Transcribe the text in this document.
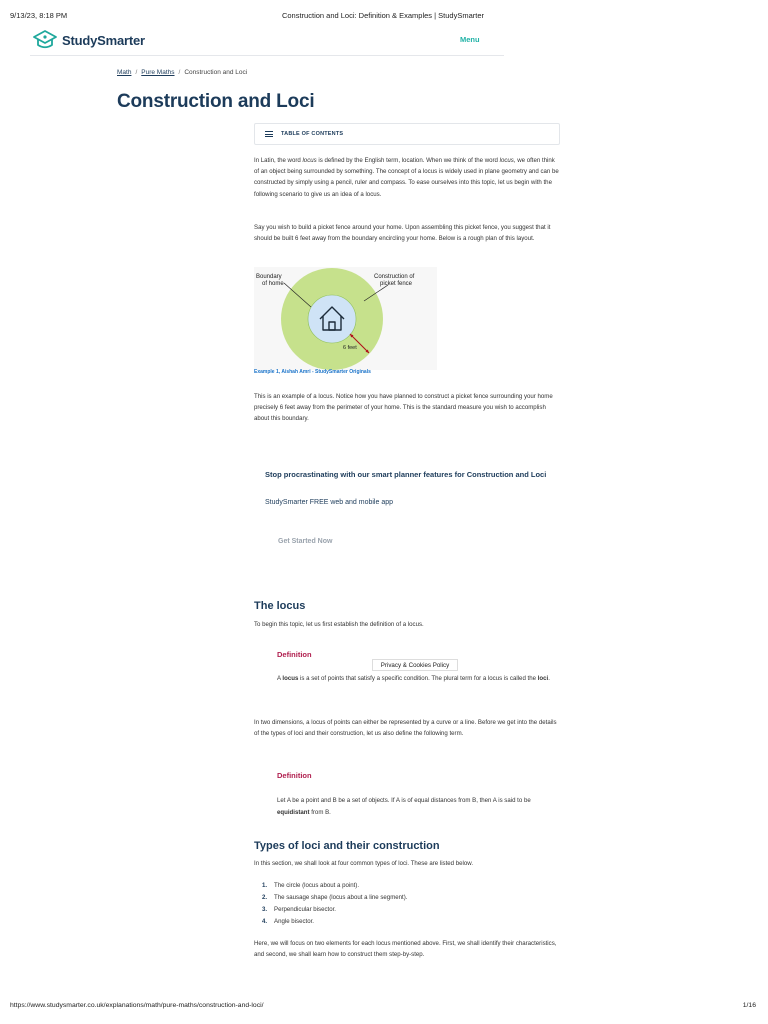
9/13/23, 8:18 PM	Construction and Loci: Definition & Examples | StudySmarter
StudySmarter	Menu
Math / Pure Maths / Construction and Loci
Construction and Loci
TABLE OF CONTENTS

In Latin, the word locus is defined by the English term, location. When we think of the word locus, we often think of an object being surrounded by something. The concept of a locus is widely used in plane geometry and can be constructed by simply using a pencil, ruler and compass. To ease ourselves into this topic, let us begin with the following scenario to give us an idea of a locus.

Say you wish to build a picket fence around your home. Upon assembling this picket fence, you suggest that it should be built 6 feet away from the boundary encircling your home. Below is a rough plan of this layout.

Boundary
of home
Construction of
picket fence
6 feet
Example 1, Aishah Amri - StudySmarter Originals

This is an example of a locus. Notice how you have planned to construct a picket fence surrounding your home precisely 6 feet away from the perimeter of your home. This is the standard measure you wish to accomplish about this boundary.

Stop procrastinating with our smart planner features for Construction and Loci
StudySmarter FREE web and mobile app
Get Started Now
The locus

To begin this topic, let us first establish the definition of a locus.

Definition
Privacy & Cookies Policy

A locus is a set of points that satisfy a specific condition. The plural term for a locus is called the loci.

In two dimensions, a locus of points can either be represented by a curve or a line. Before we get into the details of the types of loci and their construction, let us also define the following term.

Definition

Let A be a point and B be a set of objects. If A is of equal distances from B, then A is said to be equidistant from B.

Types of loci and their construction

In this section, we shall look at four common types of loci. These are listed below.

1.	The circle (locus about a point).
2.	The sausage shape (locus about a line segment).
3.	Perpendicular bisector.
4.	Angle bisector.

Here, we will focus on two elements for each locus mentioned above. First, we shall identify their characteristics, and second, we shall learn how to construct them step-by-step.

https://www.studysmarter.co.uk/explanations/math/pure-maths/construction-and-loci/	1/16
